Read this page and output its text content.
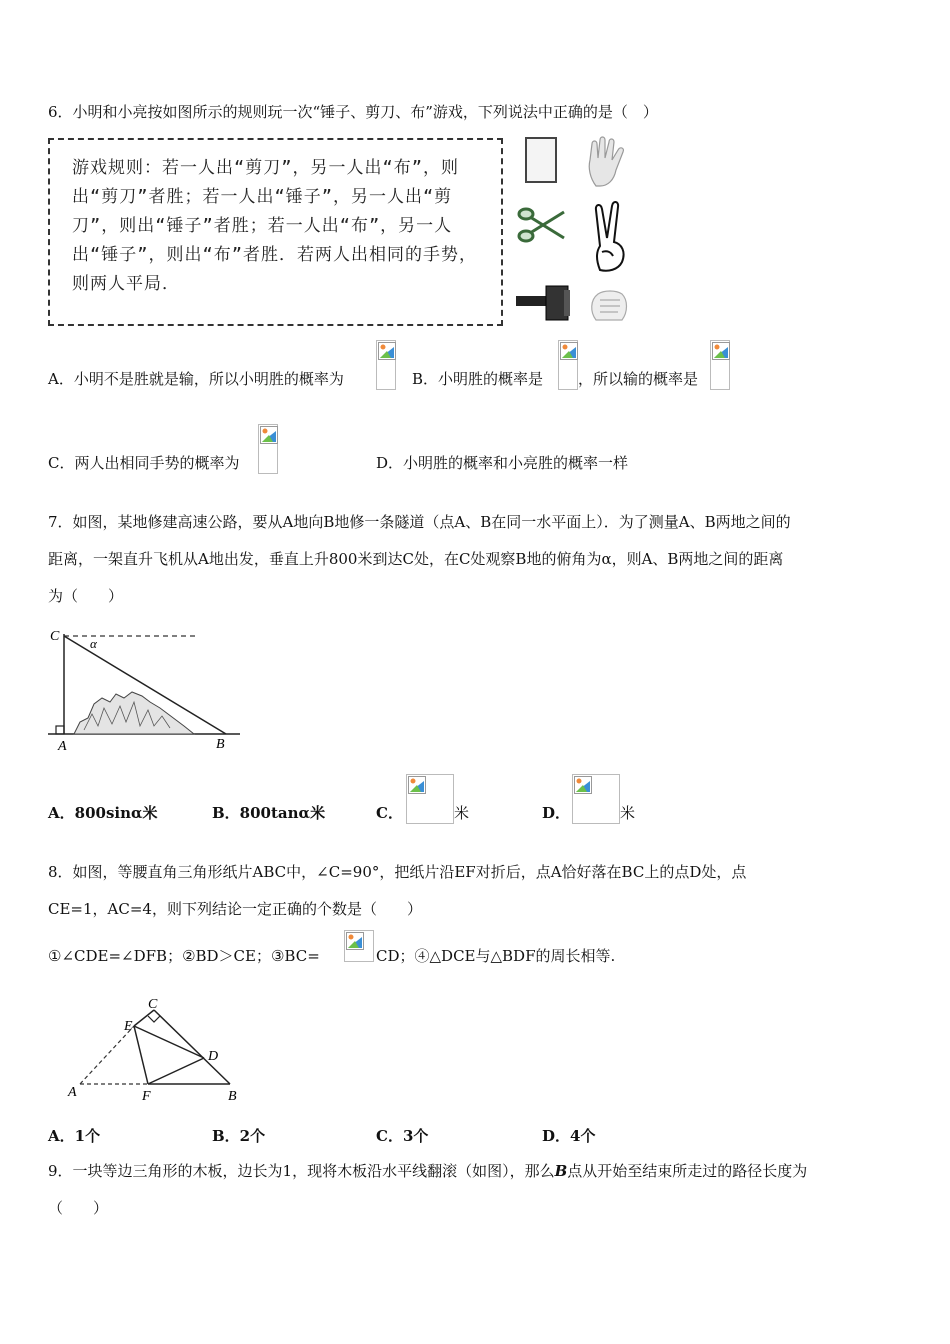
6．小明和小亮按如图所示的规则玩一次“锤子、剪刀、布”游戏，下列说法中正确的是（　）
游戏规则：若一人出“剪刀”，另一人出“布”，则出“剪刀”者胜；若一人出“锤子”，另一人出“剪刀”，则出“锤子”者胜；若一人出“布”，另一人出“锤子”，则出“布”者胜．若两人出相同的手势，则两人平局．
A．小明不是胜就是输，所以小明胜的概率为	B．小明胜的概率是 ，所以输的概率是
C．两人出相同手势的概率为	D．小明胜的概率和小亮胜的概率一样
7．如图，某地修建高速公路，要从A地向B地修一条隧道（点A、B在同一水平面上）．为了测量A、B两地之间的
距离，一架直升飞机从A地出发，垂直上升800米到达C处，在C处观察B地的俯角为α，则A、B两地之间的距离
为（　　）
C α
A	B
A．800sinα米	B．800tanα米	C．	米	D．	米
8．如图，等腰直角三角形纸片ABC中，∠C=90°，把纸片沿EF对折后，点A恰好落在BC上的点D处，点
CE=1，AC=4，则下列结论一定正确的个数是（　　）
①∠CDE=∠DFB；②BD＞CE；③BC=	CD；④△DCE与△BDF的周长相等.
C
E
D
A	F	B
A．1个	B．2个	C．3个	D．4个
9．一块等边三角形的木板，边长为1，现将木板沿水平线翻滚（如图），那么B点从开始至结束所走过的路径长度为
（　　）
